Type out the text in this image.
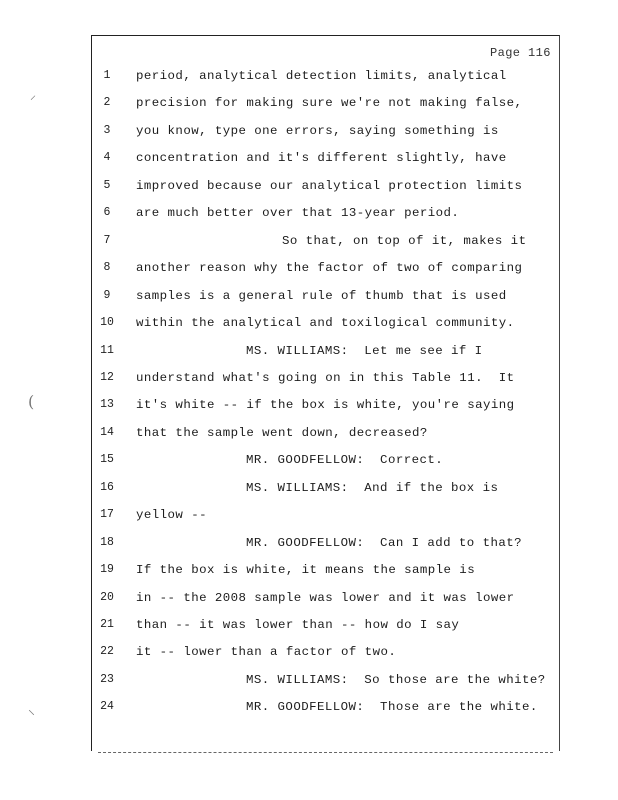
⸝
(
⸜
Page 116
1	period, analytical detection limits, analytical
2	precision for making sure we're not making false,
3	you know, type one errors, saying something is
4	concentration and it's different slightly, have
5	improved because our analytical protection limits
6	are much better over that 13-year period.
7	So that, on top of it, makes it
8	another reason why the factor of two of comparing
9	samples is a general rule of thumb that is used
10	within the analytical and toxilogical community.
11	MS. WILLIAMS:  Let me see if I
12	understand what's going on in this Table 11.  It
13	it's white -- if the box is white, you're saying
14	that the sample went down, decreased?
15	MR. GOODFELLOW:  Correct.
16	MS. WILLIAMS:  And if the box is
17	yellow --
18	MR. GOODFELLOW:  Can I add to that?
19	If the box is white, it means the sample is
20	in -- the 2008 sample was lower and it was lower
21	than -- it was lower than -- how do I say
22	it -- lower than a factor of two.
23	MS. WILLIAMS:  So those are the white?
24	MR. GOODFELLOW:  Those are the white.
